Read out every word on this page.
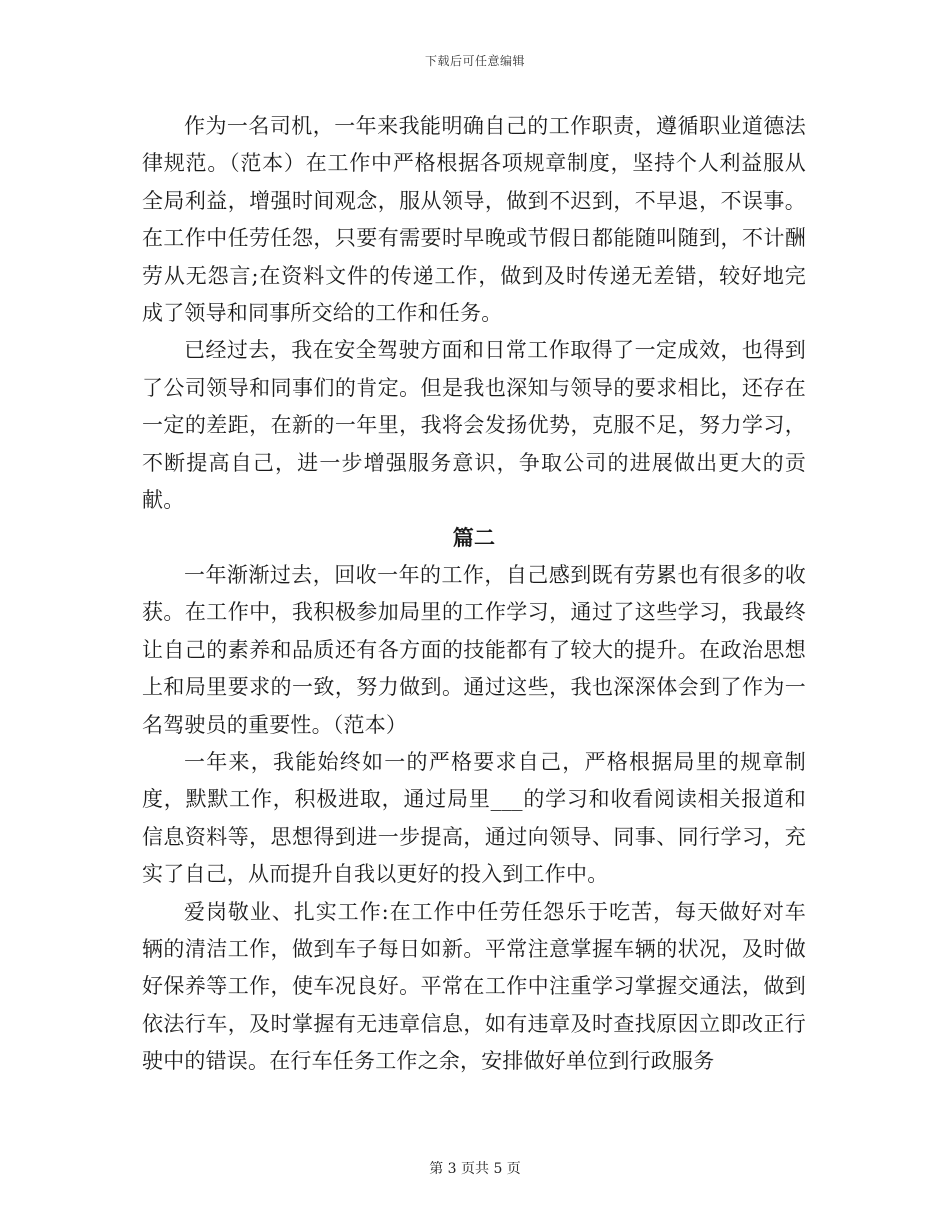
下载后可任意编辑

作为一名司机，一年来我能明确自己的工作职责，遵循职业道德法律规范。（范本）在工作中严格根据各项规章制度，坚持个人利益服从全局利益，增强时间观念，服从领导，做到不迟到，不早退，不误事。在工作中任劳任怨，只要有需要时早晚或节假日都能随叫随到，不计酬劳从无怨言;在资料文件的传递工作，做到及时传递无差错，较好地完成了领导和同事所交给的工作和任务。

已经过去，我在安全驾驶方面和日常工作取得了一定成效，也得到了公司领导和同事们的肯定。但是我也深知与领导的要求相比，还存在一定的差距，在新的一年里，我将会发扬优势，克服不足，努力学习，不断提高自己，进一步增强服务意识，争取公司的进展做出更大的贡献。

篇二

一年渐渐过去，回收一年的工作，自己感到既有劳累也有很多的收获。在工作中，我积极参加局里的工作学习，通过了这些学习，我最终让自己的素养和品质还有各方面的技能都有了较大的提升。在政治思想上和局里要求的一致，努力做到。通过这些，我也深深体会到了作为一名驾驶员的重要性。（范本）

一年来，我能始终如一的严格要求自己，严格根据局里的规章制度，默默工作，积极进取，通过局里___的学习和收看阅读相关报道和信息资料等，思想得到进一步提高，通过向领导、同事、同行学习，充实了自己，从而提升自我以更好的投入到工作中。

爱岗敬业、扎实工作:在工作中任劳任怨乐于吃苦，每天做好对车辆的清洁工作，做到车子每日如新。平常注意掌握车辆的状况，及时做好保养等工作，使车况良好。平常在工作中注重学习掌握交通法，做到依法行车，及时掌握有无违章信息，如有违章及时查找原因立即改正行驶中的错误。在行车任务工作之余，安排做好单位到行政服务

第 3 页共 5 页
